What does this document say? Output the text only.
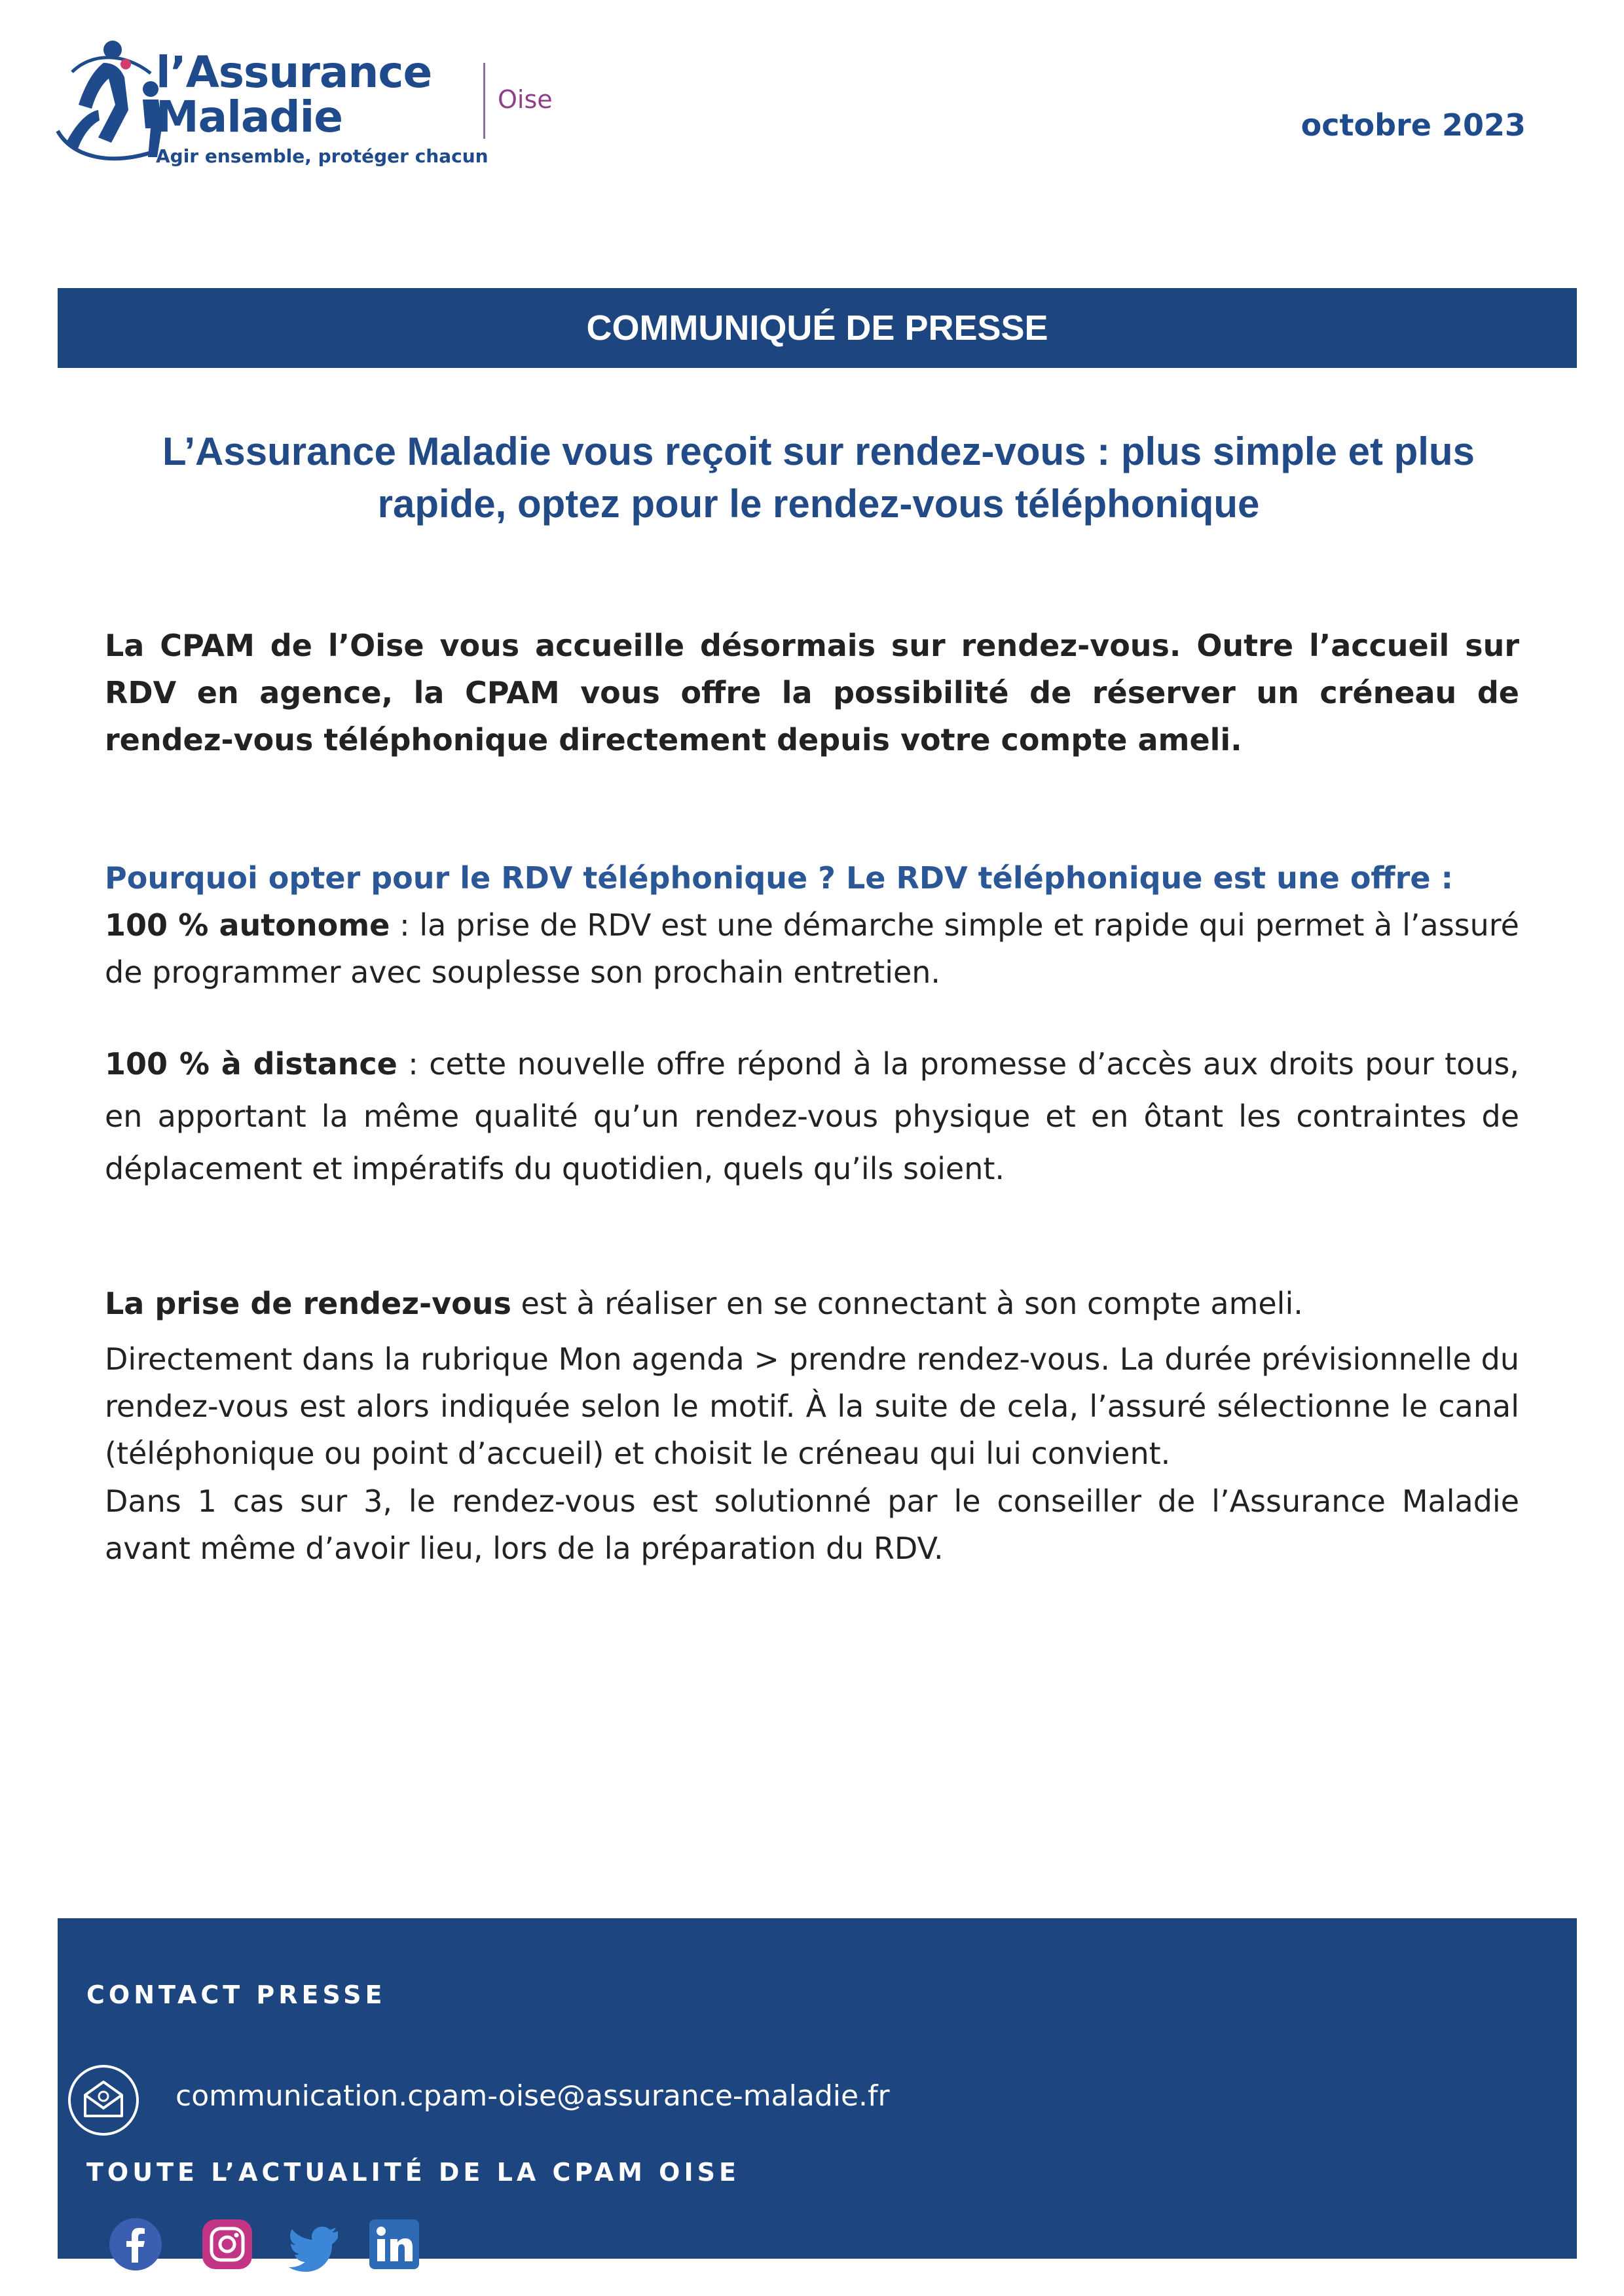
l’Assurance
Maladie
Agir ensemble, protéger chacun
Oise
octobre 2023
COMMUNIQUÉ DE PRESSE
L’Assurance Maladie vous reçoit sur rendez-vous : plus simple et plus rapide, optez pour le rendez-vous téléphonique
La CPAM de l’Oise vous accueille désormais sur rendez-vous. Outre l’accueil sur RDV en agence, la CPAM vous offre la possibilité de réserver un créneau de rendez-vous téléphonique directement depuis votre compte ameli.
Pourquoi opter pour le RDV téléphonique ? Le RDV téléphonique est une offre :
100 % autonome : la prise de RDV est une démarche simple et rapide qui permet à l’assuré de programmer avec souplesse son prochain entretien.
100 % à distance : cette nouvelle offre répond à la promesse d’accès aux droits pour tous, en apportant la même qualité qu’un rendez-vous physique et en ôtant les contraintes de déplacement et impératifs du quotidien, quels qu’ils soient.
La prise de rendez-vous est à réaliser en se connectant à son compte ameli.
Directement dans la rubrique Mon agenda > prendre rendez-vous. La durée prévisionnelle du rendez-vous est alors indiquée selon le motif. À la suite de cela, l’assuré sélectionne le canal (téléphonique ou point d’accueil) et choisit le créneau qui lui convient.
Dans 1 cas sur 3, le rendez-vous est solutionné par le conseiller de l’Assurance Maladie avant même d’avoir lieu, lors de la préparation du RDV.
CONTACT PRESSE
communication.cpam-oise@assurance-maladie.fr
TOUTE L’ACTUALITÉ DE LA CPAM OISE
